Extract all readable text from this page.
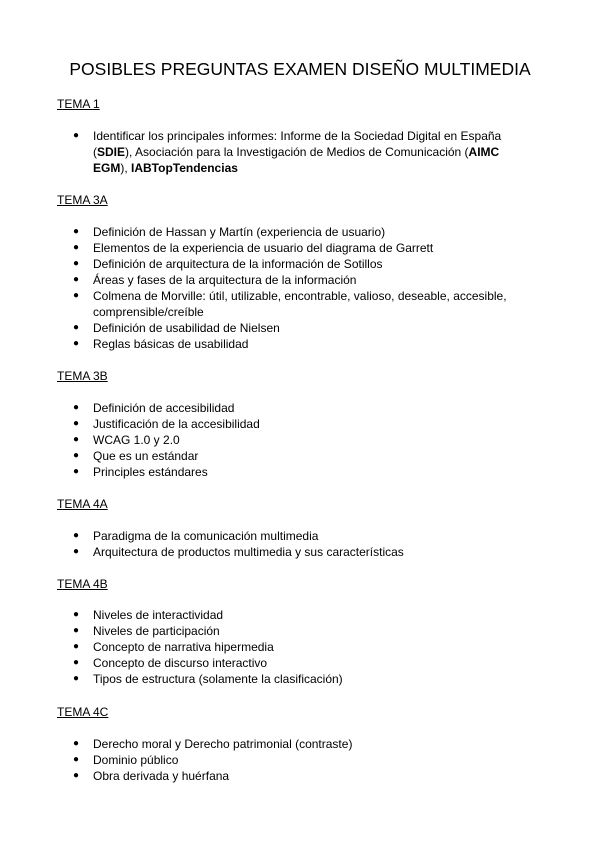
POSIBLES PREGUNTAS EXAMEN DISEÑO MULTIMEDIA
TEMA 1
●	Identificar los principales informes: Informe de la Sociedad Digital en España (SDIE), Asociación para la Investigación de Medios de Comunicación (AIMC EGM), IABTopTendencias
TEMA 3A
●	Definición de Hassan y Martín (experiencia de usuario)
●	Elementos de la experiencia de usuario del diagrama de Garrett
●	Definición de arquitectura de la información de Sotillos
●	Áreas y fases de la arquitectura de la información
●	Colmena de Morville: útil, utilizable, encontrable, valioso, deseable, accesible, comprensible/creíble
●	Definición de usabilidad de Nielsen
●	Reglas básicas de usabilidad
TEMA 3B
●	Definición de accesibilidad
●	Justificación de la accesibilidad
●	WCAG 1.0 y 2.0
●	Que es un estándar
●	Principles estándares
TEMA 4A
●	Paradigma de la comunicación multimedia
●	Arquitectura de productos multimedia y sus características
TEMA 4B
●	Niveles de interactividad
●	Niveles de participación
●	Concepto de narrativa hipermedia
●	Concepto de discurso interactivo
●	Tipos de estructura (solamente la clasificación)
TEMA 4C
●	Derecho moral y Derecho patrimonial (contraste)
●	Dominio público
●	Obra derivada y huérfana
